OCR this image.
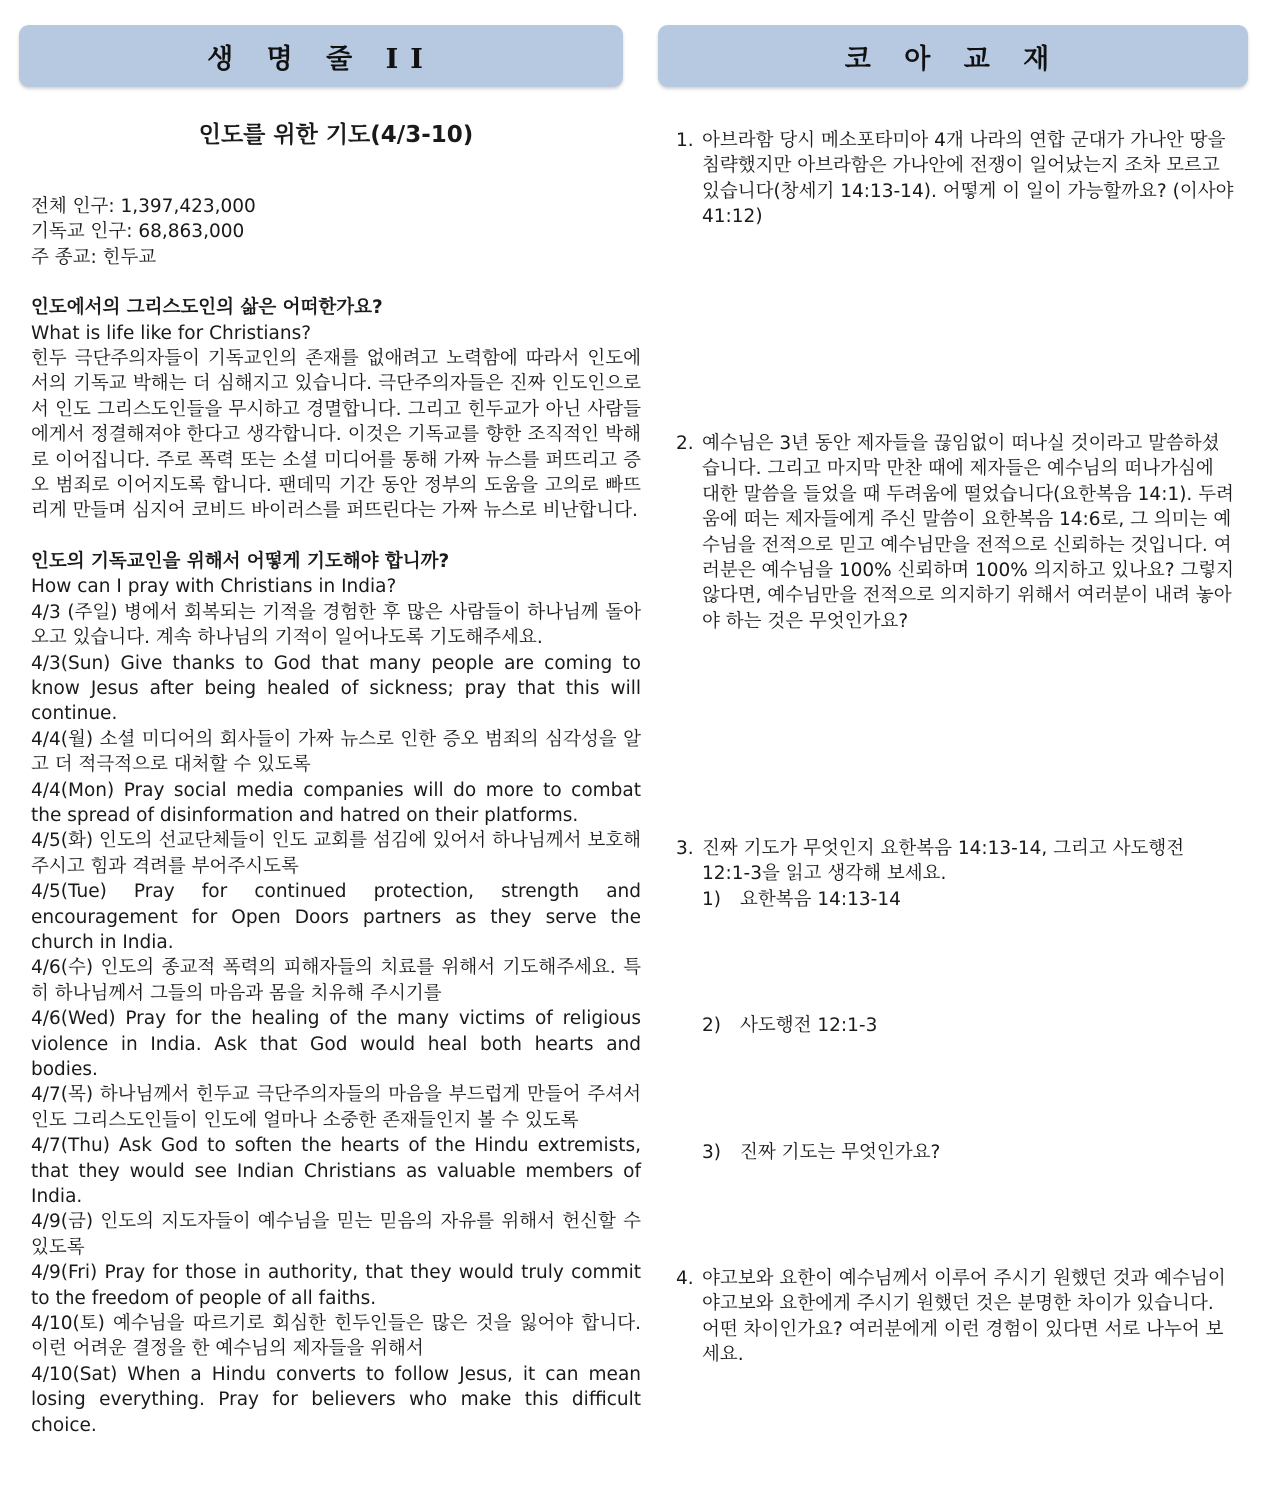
생 명 줄 II	코 아 교 재
인도를 위한 기도(4/3-10)

전체 인구: 1,397,423,000

기독교 인구: 68,863,000

주 종교: 힌두교

인도에서의 그리스도인의 삶은 어떠한가요?

What is life like for Christians?

힌두 극단주의자들이 기독교인의 존재를 없애려고 노력함에 따라서 인도에서의 기독교 박해는 더 심해지고 있습니다. 극단주의자들은 진짜 인도인으로서 인도 그리스도인들을 무시하고 경멸합니다. 그리고 힌두교가 아닌 사람들에게서 정결해져야 한다고 생각합니다. 이것은 기독교를 향한 조직적인 박해로 이어집니다. 주로 폭력 또는 소셜 미디어를 통해 가짜 뉴스를 퍼뜨리고 증오 범죄로 이어지도록 합니다. 팬데믹 기간 동안 정부의 도움을 고의로 빠뜨리게 만들며 심지어 코비드 바이러스를 퍼뜨린다는 가짜 뉴스로 비난합니다.

인도의 기독교인을 위해서 어떻게 기도해야 합니까?

How can I pray with Christians in India?

4/3 (주일) 병에서 회복되는 기적을 경험한 후 많은 사람들이 하나님께 돌아오고 있습니다. 계속 하나님의 기적이 일어나도록 기도해주세요.

4/3(Sun) Give thanks to God that many people are coming to know Jesus after being healed of sickness; pray that this will continue.

4/4(월) 소셜 미디어의 회사들이 가짜 뉴스로 인한 증오 범죄의 심각성을 알고 더 적극적으로 대처할 수 있도록

4/4(Mon) Pray social media companies will do more to combat the spread of disinformation and hatred on their platforms.

4/5(화) 인도의 선교단체들이 인도 교회를 섬김에 있어서 하나님께서 보호해 주시고 힘과 격려를 부어주시도록

4/5(Tue) Pray for continued protection, strength and encouragement for Open Doors partners as they serve the church in India.

4/6(수) 인도의 종교적 폭력의 피해자들의 치료를 위해서 기도해주세요. 특히 하나님께서 그들의 마음과 몸을 치유해 주시기를

4/6(Wed) Pray for the healing of the many victims of religious violence in India. Ask that God would heal both hearts and bodies.

4/7(목) 하나님께서 힌두교 극단주의자들의 마음을 부드럽게 만들어 주셔서 인도 그리스도인들이 인도에 얼마나 소중한 존재들인지 볼 수 있도록

4/7(Thu) Ask God to soften the hearts of the Hindu extremists, that they would see Indian Christians as valuable members of India.

4/9(금) 인도의 지도자들이 예수님을 믿는 믿음의 자유를 위해서 헌신할 수 있도록

4/9(Fri) Pray for those in authority, that they would truly commit to the freedom of people of all faiths.

4/10(토) 예수님을 따르기로 회심한 힌두인들은 많은 것을 잃어야 합니다. 이런 어려운 결정을 한 예수님의 제자들을 위해서

4/10(Sat) When a Hindu converts to follow Jesus, it can mean losing everything. Pray for believers who make this difficult choice.

1. 아브라함 당시 메소포타미아 4개 나라의 연합 군대가 가나안 땅을 침략했지만 아브라함은 가나안에 전쟁이 일어났는지 조차 모르고 있습니다(창세기 14:13-14). 어떻게 이 일이 가능할까요? (이사야 41:12)
2. 예수님은 3년 동안 제자들을 끊임없이 떠나실 것이라고 말씀하셨습니다. 그리고 마지막 만찬 때에 제자들은 예수님의 떠나가심에 대한 말씀을 들었을 때 두려움에 떨었습니다(요한복음 14:1). 두려움에 떠는 제자들에게 주신 말씀이 요한복음 14:6로, 그 의미는 예수님을 전적으로 믿고 예수님만을 전적으로 신뢰하는 것입니다. 여러분은 예수님을 100% 신뢰하며 100% 의지하고 있나요? 그렇지 않다면, 예수님만을 전적으로 의지하기 위해서 여러분이 내려 놓아야 하는 것은 무엇인가요?
3. 진짜 기도가 무엇인지 요한복음 14:13-14, 그리고 사도행전 12:1-3을 읽고 생각해 보세요.
1)	요한복음 14:13-14
2)	사도행전 12:1-3
3)	진짜 기도는 무엇인가요?
4. 야고보와 요한이 예수님께서 이루어 주시기 원했던 것과 예수님이 야고보와 요한에게 주시기 원했던 것은 분명한 차이가 있습니다. 어떤 차이인가요? 여러분에게 이런 경험이 있다면 서로 나누어 보세요.
